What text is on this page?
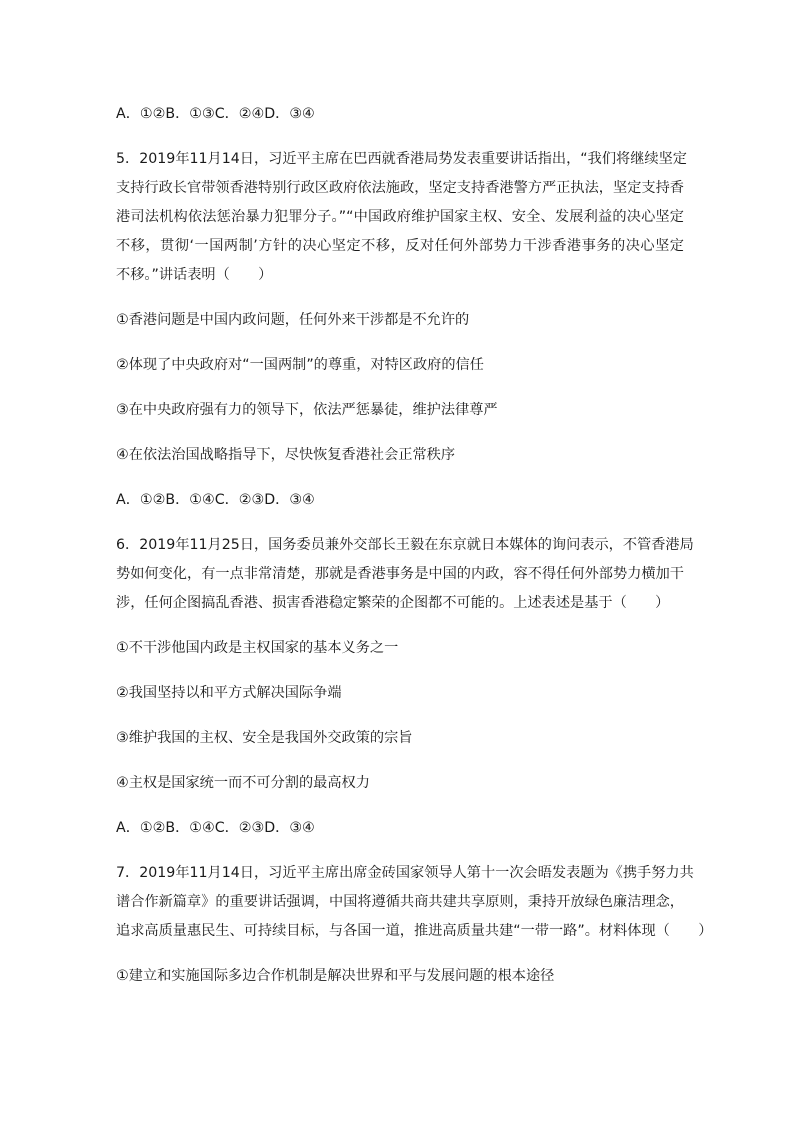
A．①②B．①③C．②④D．③④
5．2019年11月14日，习近平主席在巴西就香港局势发表重要讲话指出，“我们将继续坚定
支持行政长官带领香港特别行政区政府依法施政，坚定支持香港警方严正执法，坚定支持香
港司法机构依法惩治暴力犯罪分子。”“中国政府维护国家主权、安全、发展利益的决心坚定
不移，贯彻‘一国两制’方针的决心坚定不移，反对任何外部势力干涉香港事务的决心坚定
不移。”讲话表明（　　）
①香港问题是中国内政问题，任何外来干涉都是不允许的
②体现了中央政府对“一国两制”的尊重，对特区政府的信任
③在中央政府强有力的领导下，依法严惩暴徒，维护法律尊严
④在依法治国战略指导下，尽快恢复香港社会正常秩序
A．①②B．①④C．②③D．③④
6．2019年11月25日，国务委员兼外交部长王毅在东京就日本媒体的询问表示，不管香港局
势如何变化，有一点非常清楚，那就是香港事务是中国的内政，容不得任何外部势力横加干
涉，任何企图搞乱香港、损害香港稳定繁荣的企图都不可能的。上述表述是基于（　　）
①不干涉他国内政是主权国家的基本义务之一
②我国坚持以和平方式解决国际争端
③维护我国的主权、安全是我国外交政策的宗旨
④主权是国家统一而不可分割的最高权力
A．①②B．①④C．②③D．③④
7．2019年11月14日，习近平主席出席金砖国家领导人第十一次会晤发表题为《携手努力共
谱合作新篇章》的重要讲话强调，中国将遵循共商共建共享原则，秉持开放绿色廉洁理念，
追求高质量惠民生、可持续目标，与各国一道，推进高质量共建“一带一路”。材料体现（　　）
①建立和实施国际多边合作机制是解决世界和平与发展问题的根本途径
